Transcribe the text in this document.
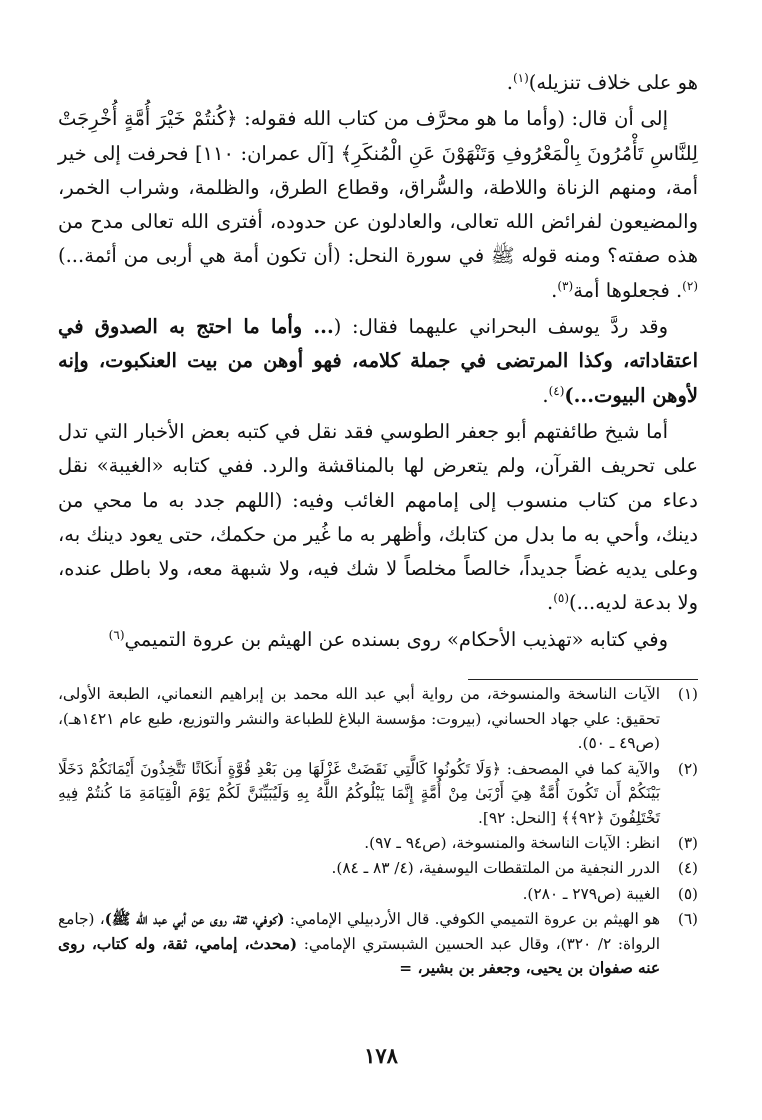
هو على خلاف تنزيله)$^{(١)}$.

إلى أن قال: (وأما ما هو محرَّف من كتاب الله فقوله: ﴿كُنتُمْ خَيْرَ أُمَّةٍ أُخْرِجَتْ لِلنَّاسِ تَأْمُرُونَ بِالْمَعْرُوفِ وَتَنْهَوْنَ عَنِ الْمُنكَرِ﴾ [آل عمران: ١١٠] فحرفت إلى خير أمة، ومنهم الزناة واللاطة، والسُّراق، وقطاع الطرق، والظلمة، وشراب الخمر، والمضيعون لفرائض الله تعالى، والعادلون عن حدوده، أفترى الله تعالى مدح من هذه صفته؟ ومنه قوله ﷺ في سورة النحل: (أن تكون أمة هي أربى من أئمة...)$^{(٢)}$. فجعلوها أمة$^{(٣)}$.

وقد ردَّ يوسف البحراني عليهما فقال: (... وأما ما احتج به الصدوق في اعتقاداته، وكذا المرتضى في جملة كلامه، فهو أوهن من بيت العنكبوت، وإنه لأوهن البيوت...)$^{(٤)}$.

أما شيخ طائفتهم أبو جعفر الطوسي فقد نقل في كتبه بعض الأخبار التي تدل على تحريف القرآن، ولم يتعرض لها بالمناقشة والرد. ففي كتابه «الغيبة» نقل دعاء من كتاب منسوب إلى إمامهم الغائب وفيه: (اللهم جدد به ما محي من دينك، وأحي به ما بدل من كتابك، وأظهر به ما غُير من حكمك، حتى يعود دينك به، وعلى يديه غضاً جديداً، خالصاً مخلصاً لا شك فيه، ولا شبهة معه، ولا باطل عنده، ولا بدعة لديه...)$^{(٥)}$.

وفي كتابه «تهذيب الأحكام» روى بسنده عن الهيثم بن عروة التميمي$^{(٦)}$

(١)
الآيات الناسخة والمنسوخة، من رواية أبي عبد الله محمد بن إبراهيم النعماني، الطبعة الأولى، تحقيق: علي جهاد الحساني، (بيروت: مؤسسة البلاغ للطباعة والنشر والتوزيع، طبع عام ١٤٢١هـ)، (ص٤٩ ـ ٥٠).
(٢)
والآية كما في المصحف: ﴿وَلَا تَكُونُوا كَالَّتِي نَقَضَتْ غَزْلَهَا مِن بَعْدِ قُوَّةٍ أَنكَاثًا تَتَّخِذُونَ أَيْمَانَكُمْ دَخَلًا بَيْنَكُمْ أَن تَكُونَ أُمَّةٌ هِيَ أَرْبَىٰ مِنْ أُمَّةٍ إِنَّمَا يَبْلُوكُمُ اللَّهُ بِهِ وَلَيُبَيِّنَنَّ لَكُمْ يَوْمَ الْقِيَامَةِ مَا كُنتُمْ فِيهِ تَخْتَلِفُونَ ﴿٩٢﴾﴾ [النحل: ٩٢].
(٣)
انظر: الآيات الناسخة والمنسوخة، (ص٩٤ ـ ٩٧).
(٤)
الدرر النجفية من الملتقطات اليوسفية، (٤/ ٨٣ ـ ٨٤).
(٥)
الغيبة (ص٢٧٩ ـ ٢٨٠).
(٦)
هو الهيثم بن عروة التميمي الكوفي. قال الأردبيلي الإمامي: (كوفي، ثقة، روى عن أبي عبد الله ﷺ)، (جامع الرواة: ٢/ ٣٢٠)، وقال عبد الحسين الشبستري الإمامي: (محدث، إمامي، ثقة، وله كتاب، روى عنه صفوان بن يحيى، وجعفر بن بشير، =
١٧٨
